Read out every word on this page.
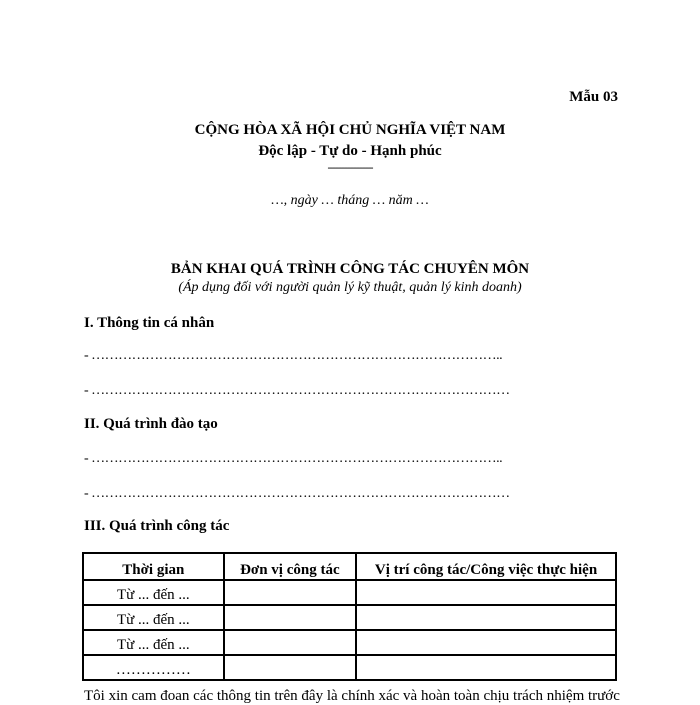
Mẫu 03
CỘNG HÒA XÃ HỘI CHỦ NGHĨA VIỆT NAM
Độc lập - Tự do - Hạnh phúc
---------------
…, ngày … tháng … năm …
BẢN KHAI QUÁ TRÌNH CÔNG TÁC CHUYÊN MÔN
(Áp dụng đối với người quản lý kỹ thuật, quản lý kinh doanh)
I. Thông tin cá nhân
- ………………………………………………………………………………..
- …………………………………………………………………………………
II. Quá trình đào tạo
- ………………………………………………………………………………..
- …………………………………………………………………………………
III. Quá trình công tác
Thời gian	Đơn vị công tác	Vị trí công tác/Công việc thực hiện
Từ ... đến ...		
Từ ... đến ...		
Từ ... đến ...		
……………		
Tôi xin cam đoan các thông tin trên đây là chính xác và hoàn toàn chịu trách nhiệm trước
